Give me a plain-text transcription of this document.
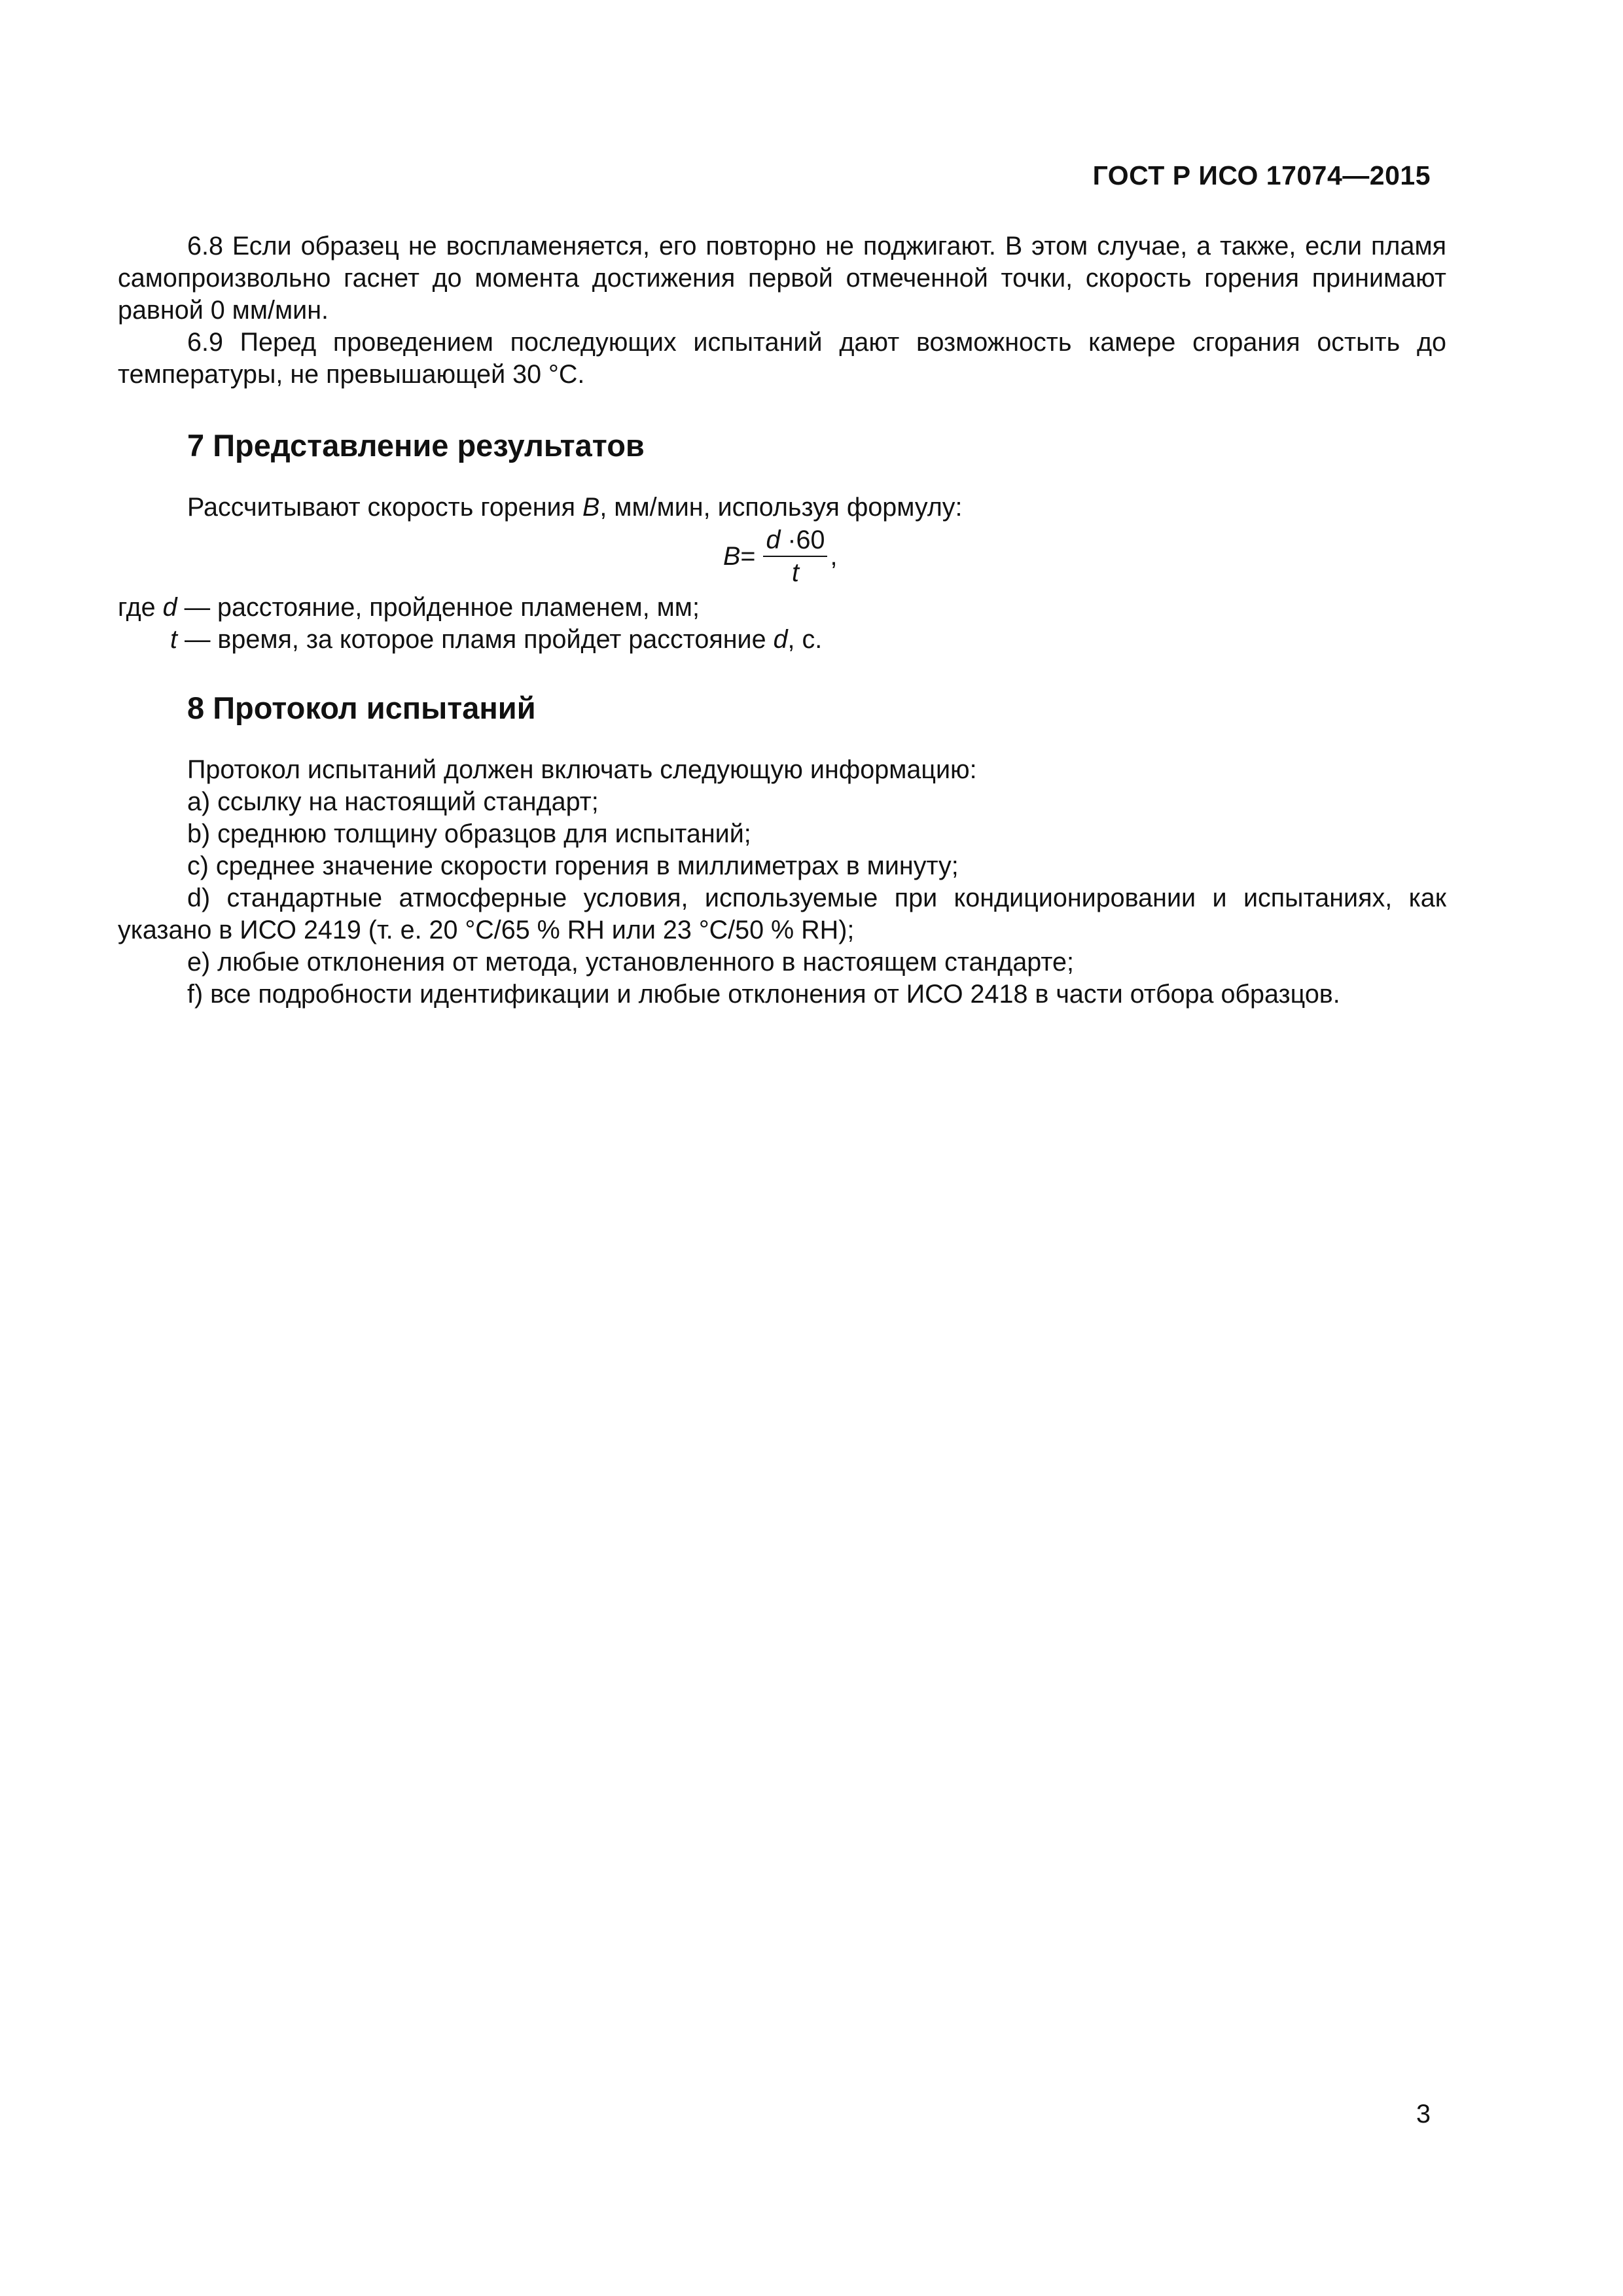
ГОСТ Р ИСО 17074—2015

6.8 Если образец не воспламеняется, его повторно не поджигают. В этом случае, а также, если пламя самопроизвольно гаснет до момента достижения первой отмеченной точки, скорость горения принимают равной 0 мм/мин.

6.9 Перед проведением последующих испытаний дают возможность камере сгорания остыть до температуры, не превышающей 30 °С.

7 Представление результатов

Рассчитывают скорость горения B, мм/мин, используя формулу:

$B = \frac{d \cdot 60}{t}$ ,

где d — расстояние, пройденное пламенем, мм;

t — время, за которое пламя пройдет расстояние d, с.

8 Протокол испытаний

Протокол испытаний должен включать следующую информацию:

a) ссылку на настоящий стандарт;

b) среднюю толщину образцов для испытаний;

c) среднее значение скорости горения в миллиметрах в минуту;

d) стандартные атмосферные условия, используемые при кондиционировании и испытаниях, как указано в ИСО 2419 (т. е. 20 °С/65 % RH или 23 °С/50 % RH);

e) любые отклонения от метода, установленного в настоящем стандарте;

f) все подробности идентификации и любые отклонения от ИСО 2418 в части отбора образцов.

3
